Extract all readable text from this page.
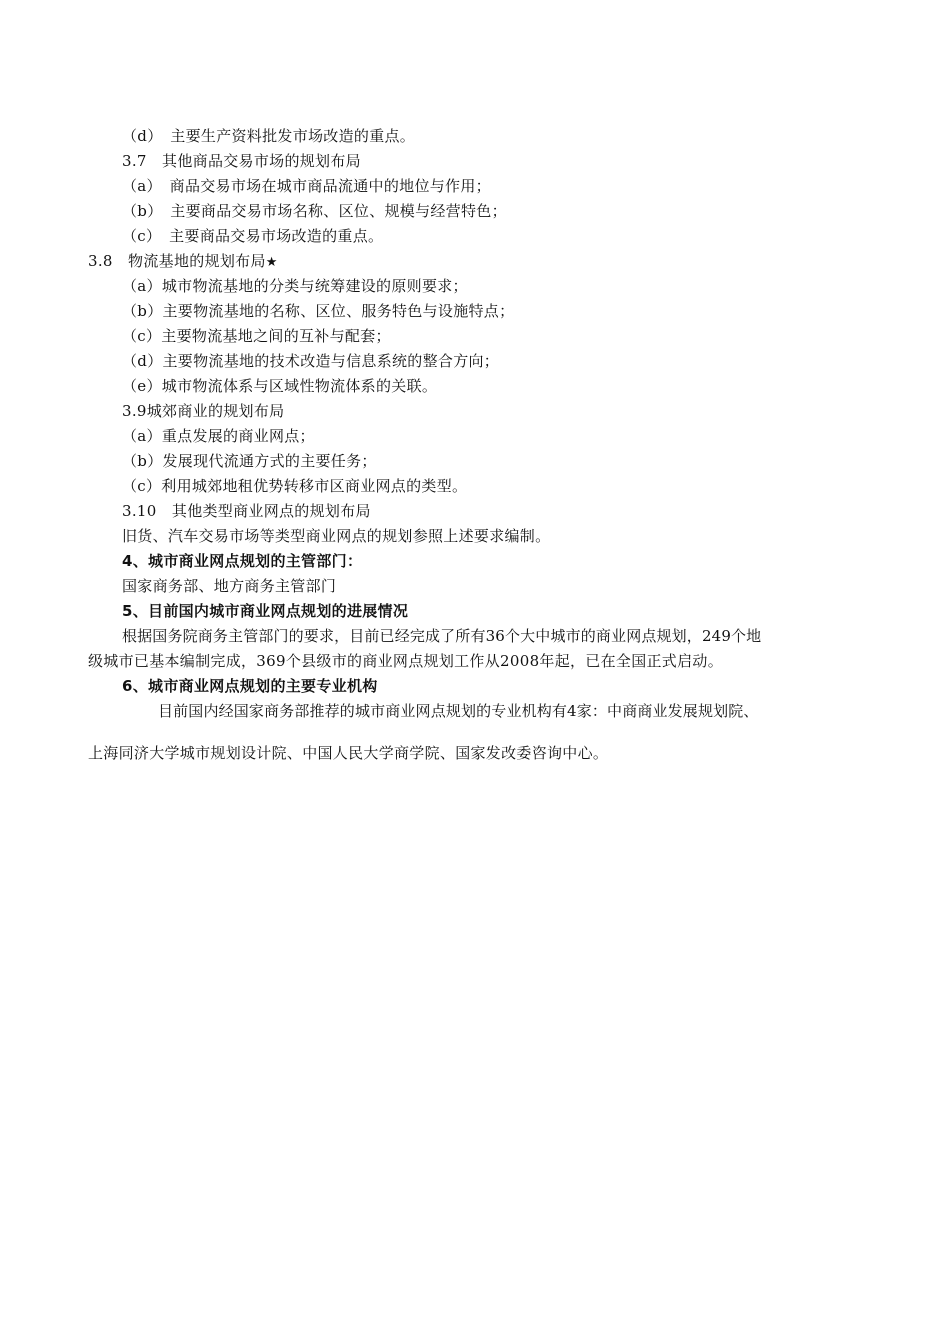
（d）　主要生产资料批发市场改造的重点。
3.7　其他商品交易市场的规划布局
（a）　商品交易市场在城市商品流通中的地位与作用；
（b）　主要商品交易市场名称、区位、规模与经营特色；
（c）　主要商品交易市场改造的重点。
3.8　物流基地的规划布局★
（a）城市物流基地的分类与统筹建设的原则要求；
（b）主要物流基地的名称、区位、服务特色与设施特点；
（c）主要物流基地之间的互补与配套；
（d）主要物流基地的技术改造与信息系统的整合方向；
（e）城市物流体系与区域性物流体系的关联。
3.9城郊商业的规划布局
（a）重点发展的商业网点；
（b）发展现代流通方式的主要任务；
（c）利用城郊地租优势转移市区商业网点的类型。
3.10　其他类型商业网点的规划布局
旧货、汽车交易市场等类型商业网点的规划参照上述要求编制。
4、城市商业网点规划的主管部门：
国家商务部、地方商务主管部门
5、目前国内城市商业网点规划的进展情况
根据国务院商务主管部门的要求，目前已经完成了所有36个大中城市的商业网点规划，249个地
级城市已基本编制完成，369个县级市的商业网点规划工作从2008年起，已在全国正式启动。
6、城市商业网点规划的主要专业机构
目前国内经国家商务部推荐的城市商业网点规划的专业机构有4家：中商商业发展规划院、
上海同济大学城市规划设计院、中国人民大学商学院、国家发改委咨询中心。
